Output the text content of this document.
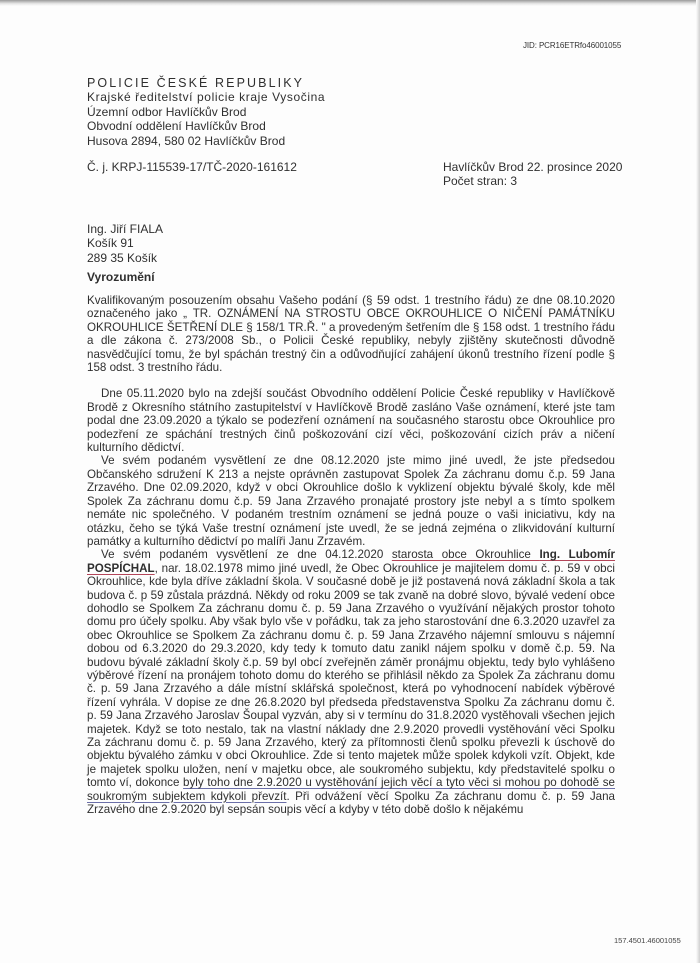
JID: PCR16ETRfo46001055
POLICIE ČESKÉ REPUBLIKY
Krajské ředitelství policie kraje Vysočina
Územní odbor Havlíčkův Brod
Obvodní oddělení Havlíčkův Brod
Husova 2894, 580 02 Havlíčkův Brod
Č. j. KRPJ-115539-17/TČ-2020-161612	Havlíčkův Brod 22. prosince 2020
Počet stran: 3
Ing. Jiří FIALA
Košík 91
289 35 Košík
Vyrozumění

Kvalifikovaným posouzením obsahu Vašeho podání (§ 59 odst. 1 trestního řádu) ze dne 08.10.2020 označeného jako „ TR. OZNÁMENÍ NA STROSTU OBCE OKROUHLICE O NIČENÍ PAMÁTNÍKU OKROUHLICE ŠETŘENÍ DLE § 158/1 TR.Ř. " a provedeným šetřením dle § 158 odst. 1 trestního řádu a dle zákona č. 273/2008 Sb., o Policii České republiky, nebyly zjištěny skutečnosti důvodně nasvědčující tomu, že byl spáchán trestný čin a odůvodňující zahájení úkonů trestního řízení podle § 158 odst. 3 trestního řádu.

Dne 05.11.2020 bylo na zdejší součást Obvodního oddělení Policie České republiky v Havlíčkově Brodě z Okresního státního zastupitelství v Havlíčkově Brodě zasláno Vaše oznámení, které jste tam podal dne 23.09.2020 a týkalo se podezření oznámení na současného starostu obce Okrouhlice pro podezření ze spáchání trestných činů poškozování cizí věci, poškozování cizích práv a ničení kulturního dědictví.

Ve svém podaném vysvětlení ze dne 08.12.2020 jste mimo jiné uvedl, že jste předsedou Občanského sdružení K 213 a nejste oprávněn zastupovat Spolek Za záchranu domu č.p. 59 Jana Zrzavého. Dne 02.09.2020, když v obci Okrouhlice došlo k vyklizení objektu bývalé školy, kde měl Spolek Za záchranu domu č.p. 59 Jana Zrzavého pronajaté prostory jste nebyl a s tímto spolkem nemáte nic společného. V podaném trestním oznámení se jedná pouze o vaši iniciativu, kdy na otázku, čeho se týká Vaše trestní oznámení jste uvedl, že se jedná zejména o zlikvidování kulturní památky a kulturního dědictví po malíři Janu Zrzavém.

Ve svém podaném vysvětlení ze dne 04.12.2020 starosta obce Okrouhlice Ing. Lubomír POSPÍCHAL, nar. 18.02.1978 mimo jiné uvedl, že Obec Okrouhlice je majitelem domu č. p. 59 v obci Okrouhlice, kde byla dříve základní škola. V současné době je již postavená nová základní škola a tak budova č. p 59 zůstala prázdná. Někdy od roku 2009 se tak zvaně na dobré slovo, bývalé vedení obce dohodlo se Spolkem Za záchranu domu č. p. 59 Jana Zrzavého o využívání nějakých prostor tohoto domu pro účely spolku. Aby však bylo vše v pořádku, tak za jeho starostování dne 6.3.2020 uzavřel za obec Okrouhlice se Spolkem Za záchranu domu č. p. 59 Jana Zrzavého nájemní smlouvu s nájemní dobou od 6.3.2020 do 29.3.2020, kdy tedy k tomuto datu zanikl nájem spolku v domě č.p. 59. Na budovu bývalé základní školy č.p. 59 byl obcí zveřejněn záměr pronájmu objektu, tedy bylo vyhlášeno výběrové řízení na pronájem tohoto domu do kterého se přihlásil někdo za Spolek Za záchranu domu č. p. 59 Jana Zrzavého a dále místní sklářská společnost, která po vyhodnocení nabídek výběrové řízení vyhrála. V dopise ze dne 26.8.2020 byl předseda představenstva Spolku Za záchranu domu č. p. 59 Jana Zrzavého Jaroslav Šoupal vyzván, aby si v termínu do 31.8.2020 vystěhovali všechen jejich majetek. Když se toto nestalo, tak na vlastní náklady dne 2.9.2020 provedli vystěhování věci Spolku Za záchranu domu č. p. 59 Jana Zrzavého, který za přítomnosti členů spolku převezli k úschově do objektu bývalého zámku v obci Okrouhlice. Zde si tento majetek může spolek kdykoli vzít. Objekt, kde je majetek spolku uložen, není v majetku obce, ale soukromého subjektu, kdy představitelé spolku o tomto ví, dokonce byly toho dne 2.9.2020 u vystěhování jejich věcí a tyto věci si mohou po dohodě se soukromým subjektem kdykoli převzít. Při odvážení věcí Spolku Za záchranu domu č. p. 59 Jana Zrzavého dne 2.9.2020 byl sepsán soupis věcí a kdyby v této době došlo k nějakému

157.4501.46001055
